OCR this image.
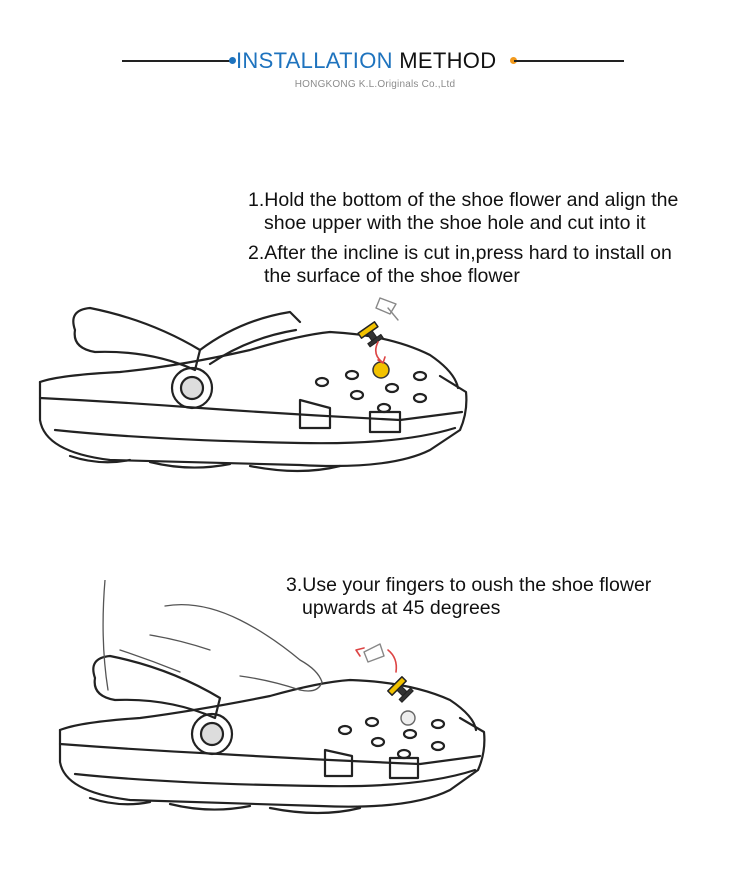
INSTALLATION METHOD
HONGKONG K.L.Originals Co.,Ltd
1.Hold the bottom of the shoe flower and align the
shoe upper with the shoe hole and cut into it
2.After the incline is cut in,press hard to install on
the surface of the shoe flower
3.Use your fingers to oush the shoe flower
upwards at 45 degrees
